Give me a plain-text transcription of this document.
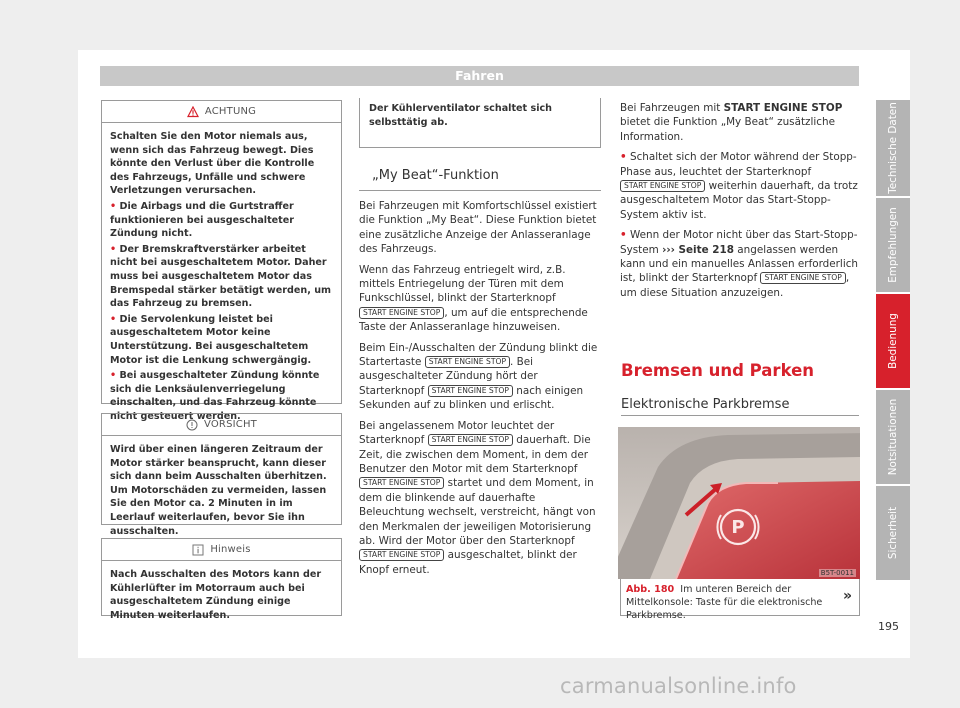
Fahren
ACHTUNG

Schalten Sie den Motor niemals aus, wenn sich das Fahrzeug bewegt. Dies könnte den Verlust über die Kontrolle des Fahrzeugs, Unfälle und schwere Verletzungen verursachen.

• Die Airbags und die Gurtstraffer funktionieren bei ausgeschalteter Zündung nicht.

• Der Bremskraftverstärker arbeitet nicht bei ausgeschaltetem Motor. Daher muss bei ausgeschaltetem Motor das Bremspedal stärker betätigt werden, um das Fahrzeug zu bremsen.

• Die Servolenkung leistet bei ausgeschaltetem Motor keine Unterstützung. Bei ausgeschaltetem Motor ist die Lenkung schwergängig.

• Bei ausgeschalteter Zündung könnte sich die Lenksäulenverriegelung einschalten, und das Fahrzeug könnte nicht gesteuert werden.

VORSICHT
Wird über einen längeren Zeitraum der Motor stärker beansprucht, kann dieser sich dann beim Ausschalten überhitzen. Um Motorschäden zu vermeiden, lassen Sie den Motor ca. 2 Minuten in im Leerlauf weiterlaufen, bevor Sie ihn ausschalten.
Hinweis
Nach Ausschalten des Motors kann der Kühlerlüfter im Motorraum auch bei ausgeschaltetem Zündung einige Minuten weiterlaufen.
Der Kühlerventilator schaltet sich selbsttätig ab.
„My Beat“-Funktion

Bei Fahrzeugen mit Komfortschlüssel existiert die Funktion „My Beat“. Diese Funktion bietet eine zusätzliche Anzeige der Anlasseranlage des Fahrzeugs.

Wenn das Fahrzeug entriegelt wird, z.B. mittels Entriegelung der Türen mit dem Funkschlüssel, blinkt der Starterknopf START ENGINE STOP , um auf die entsprechende Taste der Anlasseranlage hinzuweisen.

Beim Ein-/Ausschalten der Zündung blinkt die Startertaste START ENGINE STOP . Bei ausgeschalteter Zündung hört der Starterknopf START ENGINE STOP nach einigen Sekunden auf zu blinken und erlischt.

Bei angelassenem Motor leuchtet der Starterknopf START ENGINE STOP dauerhaft. Die Zeit, die zwischen dem Moment, in dem der Benutzer den Motor mit dem Starterknopf START ENGINE STOP startet und dem Moment, in dem die blinkende auf dauerhafte Beleuchtung wechselt, verstreicht, hängt von den Merkmalen der jeweiligen Motorisierung ab. Wird der Motor über den Starterknopf START ENGINE STOP ausgeschaltet, blinkt der Knopf erneut.

Bei Fahrzeugen mit START ENGINE STOP bietet die Funktion „My Beat“ zusätzliche Information.

• Schaltet sich der Motor während der Stopp-Phase aus, leuchtet der Starterknopf START ENGINE STOP weiterhin dauerhaft, da trotz ausgeschaltetem Motor das Start-Stopp-System aktiv ist.

• Wenn der Motor nicht über das Start-Stopp-System ››› Seite 218 angelassen werden kann und ein manuelles Anlassen erforderlich ist, blinkt der Starterknopf START ENGINE STOP , um diese Situation anzuzeigen.

Bremsen und Parken
Elektronische Parkbremse
P
B5T-0011
Abb. 180 Im unteren Bereich der Mittelkonsole: Taste für die elektronische Parkbremse.
»
195
Technische Daten
Empfehlungen
Bedienung
Notsituationen
Sicherheit
carmanualsonline.info
